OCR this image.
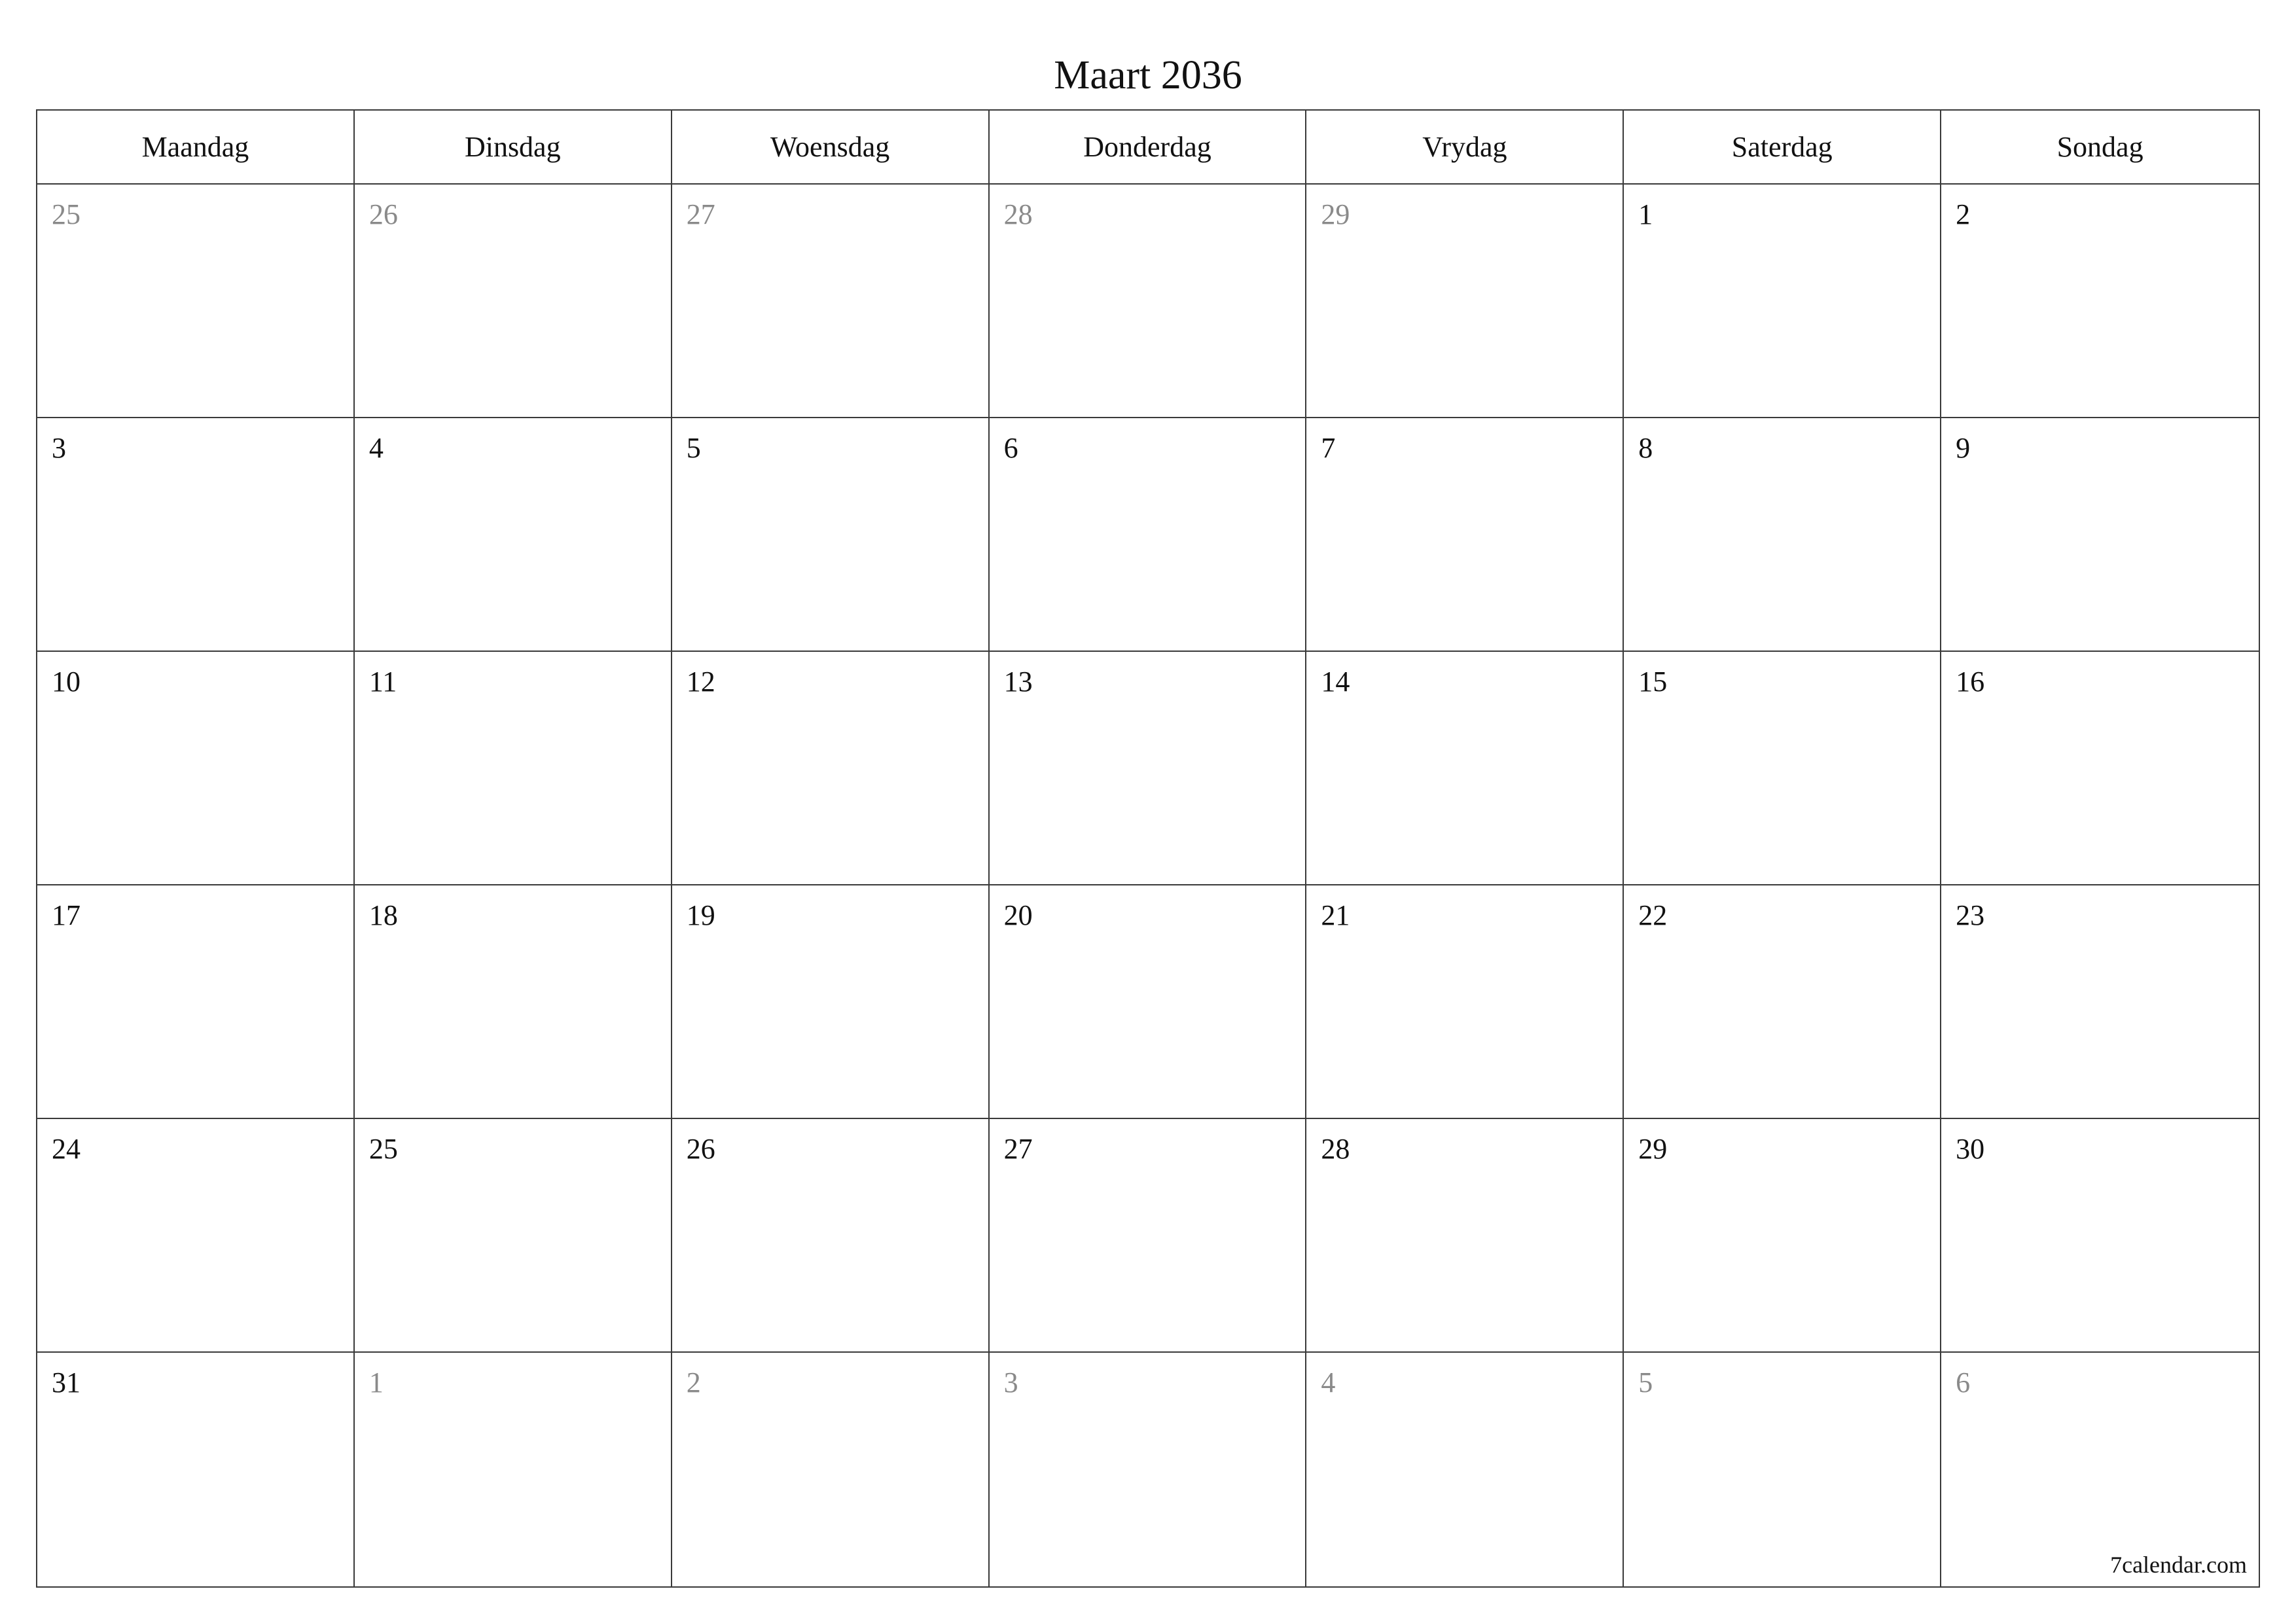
Maart 2036
Maandag	Dinsdag	Woensdag	Donderdag	Vrydag	Saterdag	Sondag
25	26	27	28	29	1	2
3	4	5	6	7	8	9
10	11	12	13	14	15	16
17	18	19	20	21	22	23
24	25	26	27	28	29	30
31	1	2	3	4	5	6
7calendar.com
